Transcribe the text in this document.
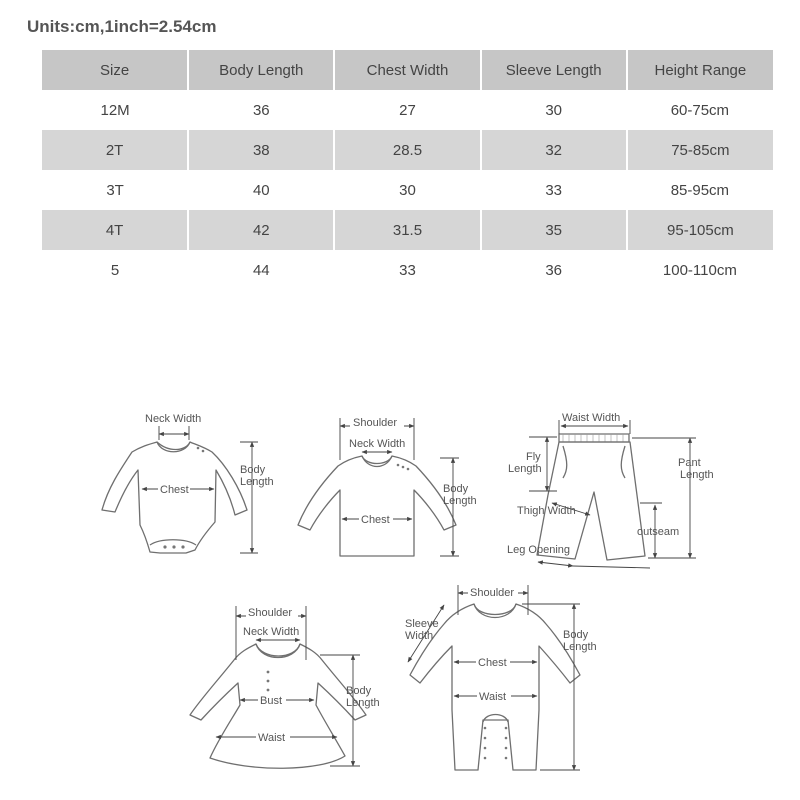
Units:cm,1inch=2.54cm
Size	Body Length	Chest Width	Sleeve Length	Height Range
12M	36	27	30	60-75cm
2T	38	28.5	32	75-85cm
3T	40	30	33	85-95cm
4T	42	31.5	35	95-105cm
5	44	33	36	100-110cm
Neck Width
Chest
Body
Length
Shoulder
Neck Width
Chest
Body
Length
Waist Width
Fly
Length	Pant
Length
Thigh Width
outseam
Leg Opening
Shoulder
Neck Width
Bust
Waist
Body
Length
Shoulder
Sleeve
Width
Chest
Waist
Body
Length
